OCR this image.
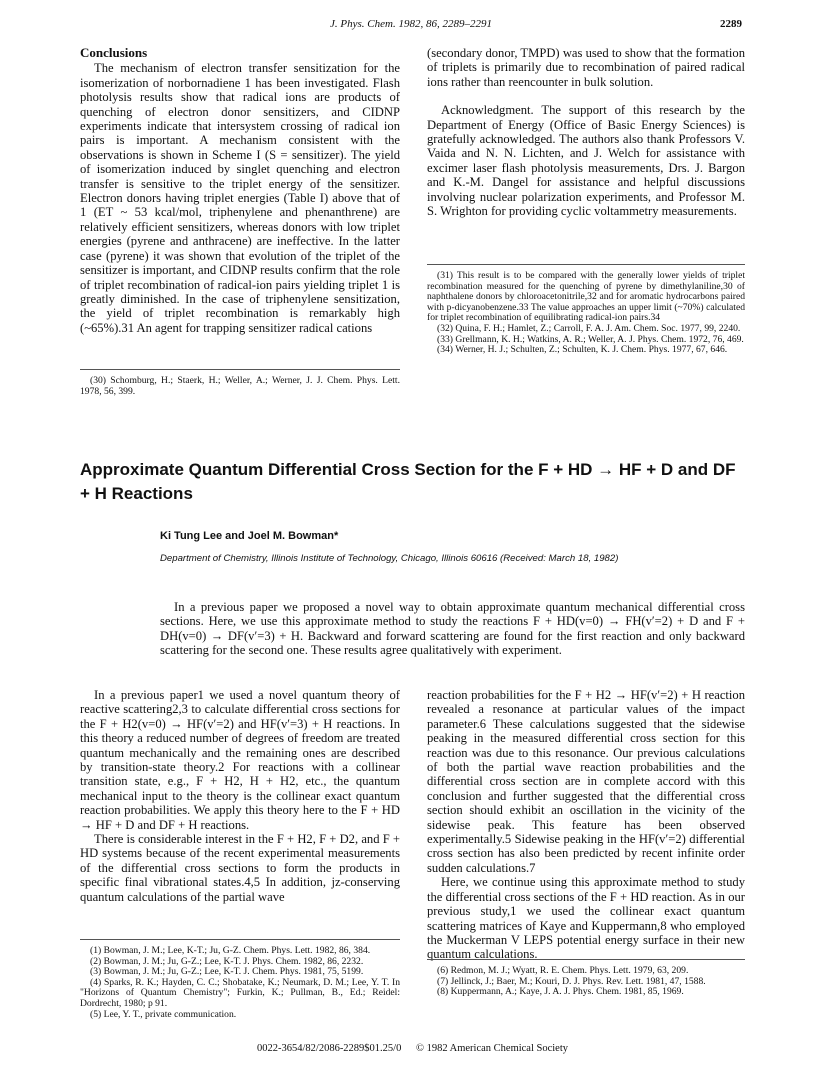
J. Phys. Chem. 1982, 86, 2289–2291	2289
Conclusions

The mechanism of electron transfer sensitization for the isomerization of norbornadiene 1 has been investigated. Flash photolysis results show that radical ions are products of quenching of electron donor sensitizers, and CIDNP experiments indicate that intersystem crossing of radical ion pairs is important. A mechanism consistent with the observations is shown in Scheme I (S = sensitizer). The yield of isomerization induced by singlet quenching and electron transfer is sensitive to the triplet energy of the sensitizer. Electron donors having triplet energies (Table I) above that of 1 (ET ~ 53 kcal/mol, triphenylene and phenanthrene) are relatively efficient sensitizers, whereas donors with low triplet energies (pyrene and anthracene) are ineffective. In the latter case (pyrene) it was shown that evolution of the triplet of the sensitizer is important, and CIDNP results confirm that the role of triplet recombination of radical-ion pairs yielding triplet 1 is greatly diminished. In the case of triphenylene sensitization, the yield of triplet recombination is remarkably high (~65%).31 An agent for trapping sensitizer radical cations

(secondary donor, TMPD) was used to show that the formation of triplets is primarily due to recombination of paired radical ions rather than reencounter in bulk solution.

Acknowledgment. The support of this research by the Department of Energy (Office of Basic Energy Sciences) is gratefully acknowledged. The authors also thank Professors V. Vaida and N. N. Lichten, and J. Welch for assistance with excimer laser flash photolysis measurements, Drs. J. Bargon and K.-M. Dangel for assistance and helpful discussions involving nuclear polarization experiments, and Professor M. S. Wrighton for providing cyclic voltammetry measurements.

(30) Schomburg, H.; Staerk, H.; Weller, A.; Werner, J. J. Chem. Phys. Lett. 1978, 56, 399.

(31) This result is to be compared with the generally lower yields of triplet recombination measured for the quenching of pyrene by dimethylaniline,30 of naphthalene donors by chloroacetonitrile,32 and for aromatic hydrocarbons paired with p-dicyanobenzene.33 The value approaches an upper limit (~70%) calculated for triplet recombination of equilibrating radical-ion pairs.34

(32) Quina, F. H.; Hamlet, Z.; Carroll, F. A. J. Am. Chem. Soc. 1977, 99, 2240.

(33) Grellmann, K. H.; Watkins, A. R.; Weller, A. J. Phys. Chem. 1972, 76, 469.

(34) Werner, H. J.; Schulten, Z.; Schulten, K. J. Chem. Phys. 1977, 67, 646.

Approximate Quantum Differential Cross Section for the F + HD → HF + D and DF + H Reactions
Ki Tung Lee and Joel M. Bowman*
Department of Chemistry, Illinois Institute of Technology, Chicago, Illinois 60616 (Received: March 18, 1982)

In a previous paper we proposed a novel way to obtain approximate quantum mechanical differential cross sections. Here, we use this approximate method to study the reactions F + HD(v=0) → FH(v′=2) + D and F + DH(v=0) → DF(v′=3) + H. Backward and forward scattering are found for the first reaction and only backward scattering for the second one. These results agree qualitatively with experiment.

In a previous paper1 we used a novel quantum theory of reactive scattering2,3 to calculate differential cross sections for the F + H2(v=0) → HF(v′=2) and HF(v′=3) + H reactions. In this theory a reduced number of degrees of freedom are treated quantum mechanically and the remaining ones are described by transition-state theory.2 For reactions with a collinear transition state, e.g., F + H2, H + H2, etc., the quantum mechanical input to the theory is the collinear exact quantum reaction probabilities. We apply this theory here to the F + HD → HF + D and DF + H reactions.

There is considerable interest in the F + H2, F + D2, and F + HD systems because of the recent experimental measurements of the differential cross sections to form the products in specific final vibrational states.4,5 In addition, jz-conserving quantum calculations of the partial wave

reaction probabilities for the F + H2 → HF(v′=2) + H reaction revealed a resonance at particular values of the impact parameter.6 These calculations suggested that the sidewise peaking in the measured differential cross section for this reaction was due to this resonance. Our previous calculations of both the partial wave reaction probabilities and the differential cross section are in complete accord with this conclusion and further suggested that the differential cross section should exhibit an oscillation in the vicinity of the sidewise peak. This feature has been observed experimentally.5 Sidewise peaking in the HF(v′=2) differential cross section has also been predicted by recent infinite order sudden calculations.7

Here, we continue using this approximate method to study the differential cross sections of the F + HD reaction. As in our previous study,1 we used the collinear exact quantum scattering matrices of Kaye and Kuppermann,8 who employed the Muckerman V LEPS potential energy surface in their new quantum calculations.

(1) Bowman, J. M.; Lee, K-T.; Ju, G-Z. Chem. Phys. Lett. 1982, 86, 384.

(2) Bowman, J. M.; Ju, G-Z.; Lee, K-T. J. Phys. Chem. 1982, 86, 2232.

(3) Bowman, J. M.; Ju, G-Z.; Lee, K-T. J. Chem. Phys. 1981, 75, 5199.

(4) Sparks, R. K.; Hayden, C. C.; Shobatake, K.; Neumark, D. M.; Lee, Y. T. In "Horizons of Quantum Chemistry"; Furkin, K.; Pullman, B., Ed.; Reidel: Dordrecht, 1980; p 91.

(5) Lee, Y. T., private communication.

(6) Redmon, M. J.; Wyatt, R. E. Chem. Phys. Lett. 1979, 63, 209.

(7) Jellinck, J.; Baer, M.; Kouri, D. J. Phys. Rev. Lett. 1981, 47, 1588.

(8) Kuppermann, A.; Kaye, J. A. J. Phys. Chem. 1981, 85, 1969.

0022-3654/82/2086-2289$01.25/0 © 1982 American Chemical Society
